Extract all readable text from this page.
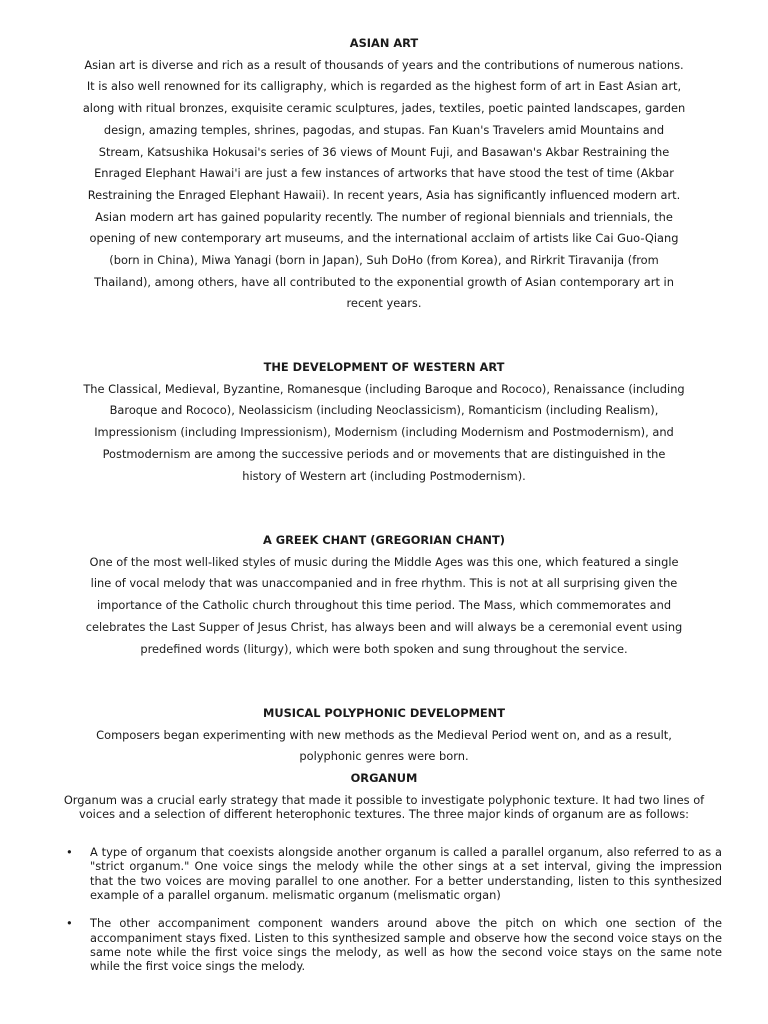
ASIAN ART
Asian art is diverse and rich as a result of thousands of years and the contributions of numerous nations. It is also well renowned for its calligraphy, which is regarded as the highest form of art in East Asian art, along with ritual bronzes, exquisite ceramic sculptures, jades, textiles, poetic painted landscapes, garden design, amazing temples, shrines, pagodas, and stupas. Fan Kuan's Travelers amid Mountains and Stream, Katsushika Hokusai's series of 36 views of Mount Fuji, and Basawan's Akbar Restraining the Enraged Elephant Hawai'i are just a few instances of artworks that have stood the test of time (Akbar Restraining the Enraged Elephant Hawaii). In recent years, Asia has significantly influenced modern art. Asian modern art has gained popularity recently. The number of regional biennials and triennials, the opening of new contemporary art museums, and the international acclaim of artists like Cai Guo-Qiang (born in China), Miwa Yanagi (born in Japan), Suh DoHo (from Korea), and Rirkrit Tiravanija (from Thailand), among others, have all contributed to the exponential growth of Asian contemporary art in recent years.
THE DEVELOPMENT OF WESTERN ART
The Classical, Medieval, Byzantine, Romanesque (including Baroque and Rococo), Renaissance (including Baroque and Rococo), Neolassicism (including Neoclassicism), Romanticism (including Realism), Impressionism (including Impressionism), Modernism (including Modernism and Postmodernism), and Postmodernism are among the successive periods and or movements that are distinguished in the history of Western art (including Postmodernism).
A GREEK CHANT (GREGORIAN CHANT)
One of the most well-liked styles of music during the Middle Ages was this one, which featured a single line of vocal melody that was unaccompanied and in free rhythm. This is not at all surprising given the importance of the Catholic church throughout this time period. The Mass, which commemorates and celebrates the Last Supper of Jesus Christ, has always been and will always be a ceremonial event using predefined words (liturgy), which were both spoken and sung throughout the service.
MUSICAL POLYPHONIC DEVELOPMENT
Composers began experimenting with new methods as the Medieval Period went on, and as a result, polyphonic genres were born.
ORGANUM
Organum was a crucial early strategy that made it possible to investigate polyphonic texture. It had two lines of voices and a selection of different heterophonic textures. The three major kinds of organum are as follows:
• A type of organum that coexists alongside another organum is called a parallel organum, also referred to as a "strict organum." One voice sings the melody while the other sings at a set interval, giving the impression that the two voices are moving parallel to one another. For a better understanding, listen to this synthesized example of a parallel organum. melismatic organum (melismatic organ)
• The other accompaniment component wanders around above the pitch on which one section of the accompaniment stays fixed. Listen to this synthesized sample and observe how the second voice stays on the same note while the first voice sings the melody, as well as how the second voice stays on the same note while the first voice sings the melody.
